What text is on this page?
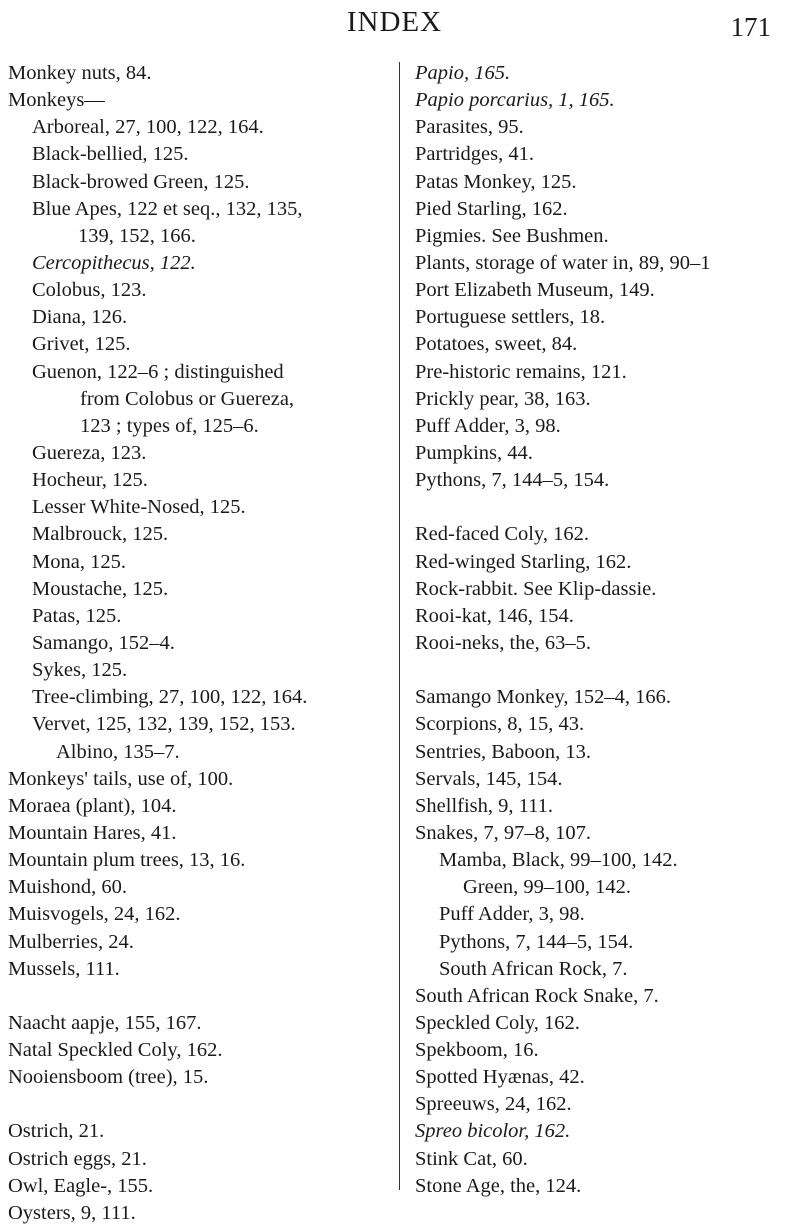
INDEX	171
Monkey nuts, 84.
Monkeys—
Arboreal, 27, 100, 122, 164.
Black-bellied, 125.
Black-browed Green, 125.
Blue Apes, 122 et seq., 132, 135,
139, 152, 166.
Cercopithecus, 122.
Colobus, 123.
Diana, 126.
Grivet, 125.
Guenon, 122–6 ; distinguished
from Colobus or Guereza,
123 ; types of, 125–6.
Guereza, 123.
Hocheur, 125.
Lesser White-Nosed, 125.
Malbrouck, 125.
Mona, 125.
Moustache, 125.
Patas, 125.
Samango, 152–4.
Sykes, 125.
Tree-climbing, 27, 100, 122, 164.
Vervet, 125, 132, 139, 152, 153.
Albino, 135–7.
Monkeys' tails, use of, 100.
Moraea (plant), 104.
Mountain Hares, 41.
Mountain plum trees, 13, 16.
Muishond, 60.
Muisvogels, 24, 162.
Mulberries, 24.
Mussels, 111.
Naacht aapje, 155, 167.
Natal Speckled Coly, 162.
Nooiensboom (tree), 15.
Ostrich, 21.
Ostrich eggs, 21.
Owl, Eagle-, 155.
Oysters, 9, 111.
Papio, 165.
Papio porcarius, 1, 165.
Parasites, 95.
Partridges, 41.
Patas Monkey, 125.
Pied Starling, 162.
Pigmies. See Bushmen.
Plants, storage of water in, 89, 90–1
Port Elizabeth Museum, 149.
Portuguese settlers, 18.
Potatoes, sweet, 84.
Pre-historic remains, 121.
Prickly pear, 38, 163.
Puff Adder, 3, 98.
Pumpkins, 44.
Pythons, 7, 144–5, 154.
Red-faced Coly, 162.
Red-winged Starling, 162.
Rock-rabbit. See Klip-dassie.
Rooi-kat, 146, 154.
Rooi-neks, the, 63–5.
Samango Monkey, 152–4, 166.
Scorpions, 8, 15, 43.
Sentries, Baboon, 13.
Servals, 145, 154.
Shellfish, 9, 111.
Snakes, 7, 97–8, 107.
Mamba, Black, 99–100, 142.
Green, 99–100, 142.
Puff Adder, 3, 98.
Pythons, 7, 144–5, 154.
South African Rock, 7.
South African Rock Snake, 7.
Speckled Coly, 162.
Spekboom, 16.
Spotted Hyænas, 42.
Spreeuws, 24, 162.
Spreo bicolor, 162.
Stink Cat, 60.
Stone Age, the, 124.
